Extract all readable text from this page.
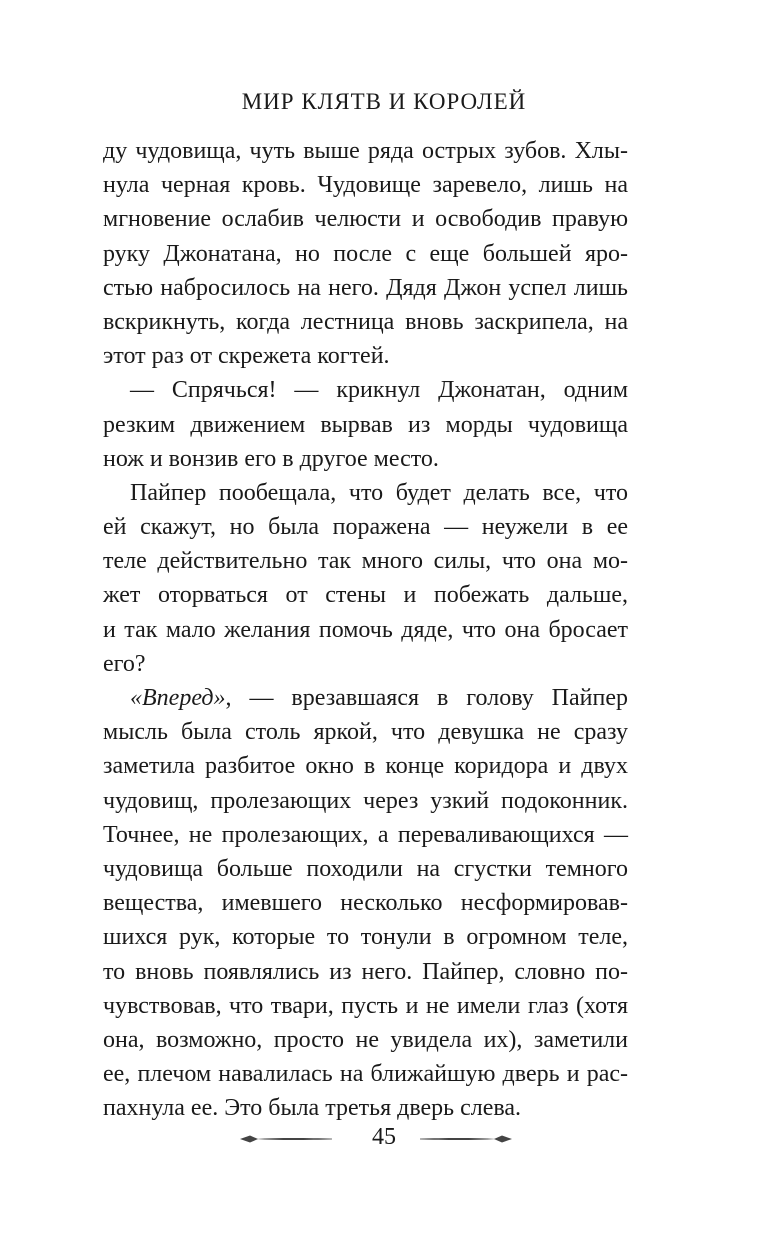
МИР КЛЯТВ И КОРОЛЕЙ
ду чудовища, чуть выше ряда острых зубов. Хлы-
нула черная кровь. Чудовище заревело, лишь на
мгновение ослабив челюсти и освободив правую
руку Джонатана, но после с еще большей яро-
стью набросилось на него. Дядя Джон успел лишь
вскрикнуть, когда лестница вновь заскрипела, на
этот раз от скрежета когтей.
— Спрячься! — крикнул Джонатан, одним
резким движением вырвав из морды чудовища
нож и вонзив его в другое место.
Пайпер пообещала, что будет делать все, что
ей скажут, но была поражена — неужели в ее
теле действительно так много силы, что она мо-
жет оторваться от стены и побежать дальше,
и так мало желания помочь дяде, что она бросает
его?
«Вперед», — врезавшаяся в голову Пайпер
мысль была столь яркой, что девушка не сразу
заметила разбитое окно в конце коридора и двух
чудовищ, пролезающих через узкий подоконник.
Точнее, не пролезающих, а переваливающихся —
чудовища больше походили на сгустки темного
вещества, имевшего несколько несформировав-
шихся рук, которые то тонули в огромном теле,
то вновь появлялись из него. Пайпер, словно по-
чувствовав, что твари, пусть и не имели глаз (хотя
она, возможно, просто не увидела их), заметили
ее, плечом навалилась на ближайшую дверь и рас-
пахнула ее. Это была третья дверь слева.
45
